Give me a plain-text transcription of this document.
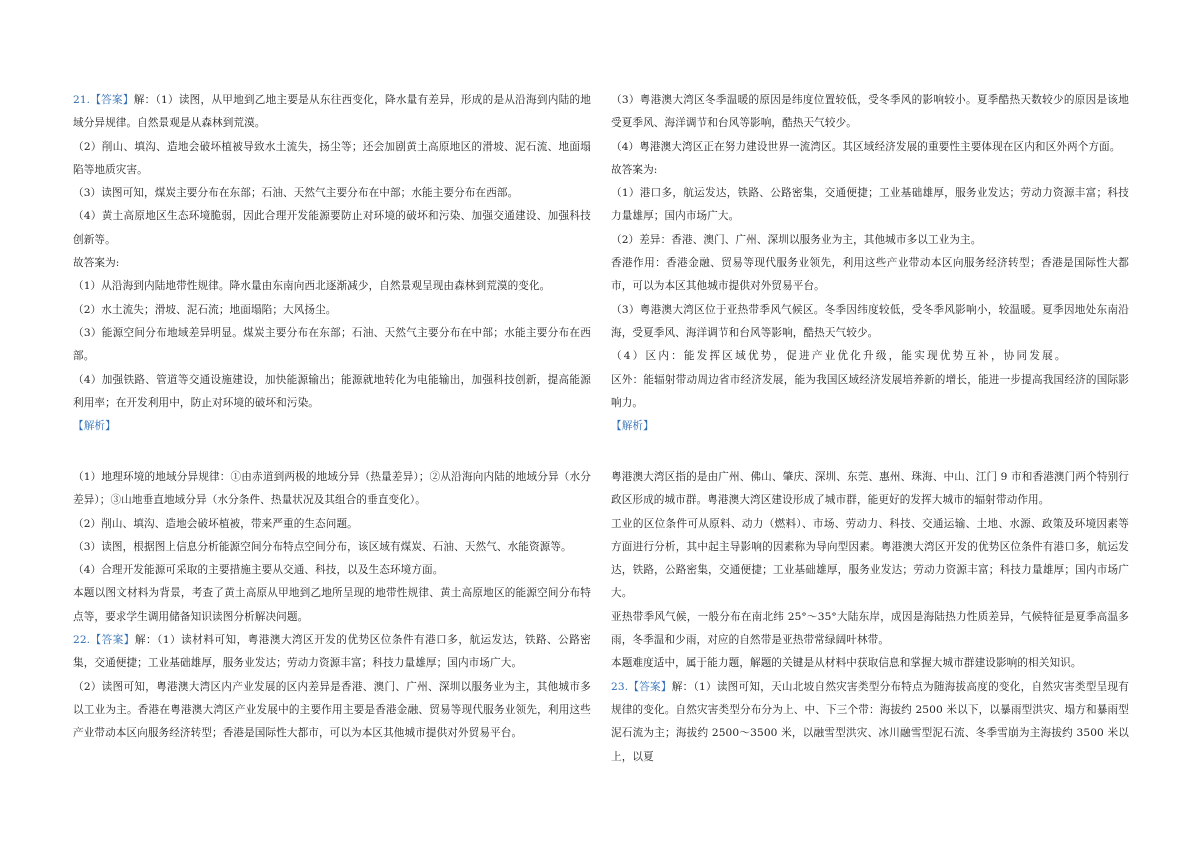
21.【答案】解：（1）读图，从甲地到乙地主要是从东往西变化，降水量有差异，形成的是从沿海到内陆的地域分异规律。自然景观是从森林到荒漠。

（2）削山、填沟、造地会破坏植被导致水土流失，扬尘等；还会加剧黄土高原地区的滑坡、泥石流、地面塌陷等地质灾害。

（3）读图可知，煤炭主要分布在东部；石油、天然气主要分布在中部；水能主要分布在西部。

（4）黄土高原地区生态环境脆弱，因此合理开发能源要防止对环境的破坏和污染、加强交通建设、加强科技创新等。

故答案为:

（1）从沿海到内陆地带性规律。降水量由东南向西北逐渐减少，自然景观呈现由森林到荒漠的变化。

（2）水土流失；滑坡、泥石流；地面塌陷；大风扬尘。

（3）能源空间分布地域差异明显。煤炭主要分布在东部；石油、天然气主要分布在中部；水能主要分布在西部。

（4）加强铁路、管道等交通设施建设，加快能源输出；能源就地转化为电能输出，加强科技创新，提高能源利用率；在开发利用中，防止对环境的破坏和污染。

【解析】

（1）地理环境的地域分异规律：①由赤道到两极的地域分异（热量差异）；②从沿海向内陆的地域分异（水分差异）；③山地垂直地域分异（水分条件、热量状况及其组合的垂直变化）。

（2）削山、填沟、造地会破坏植被，带来严重的生态问题。

（3）读图，根据图上信息分析能源空间分布特点空间分布，该区域有煤炭、石油、天然气、水能资源等。

（4）合理开发能源可采取的主要措施主要从交通、科技，以及生态环境方面。

本题以图文材料为背景，考查了黄土高原从甲地到乙地所呈现的地带性规律、黄土高原地区的能源空间分布特点等，要求学生调用储备知识读图分析解决问题。

22.【答案】解：（1）读材料可知，粤港澳大湾区开发的优势区位条件有港口多，航运发达，铁路、公路密集，交通便捷；工业基础雄厚，服务业发达；劳动力资源丰富；科技力量雄厚；国内市场广大。

（2）读图可知，粤港澳大湾区内产业发展的区内差异是香港、澳门、广州、深圳以服务业为主，其他城市多以工业为主。香港在粤港澳大湾区产业发展中的主要作用主要是香港金融、贸易等现代服务业领先，利用这些产业带动本区向服务经济转型；香港是国际性大都市，可以为本区其他城市提供对外贸易平台。

（3）粤港澳大湾区冬季温暖的原因是纬度位置较低，受冬季风的影响较小。夏季酷热天数较少的原因是该地受夏季风、海洋调节和台风等影响，酷热天气较少。

（4）粤港澳大湾区正在努力建设世界一流湾区。其区域经济发展的重要性主要体现在区内和区外两个方面。

故答案为:

（1）港口多，航运发达，铁路、公路密集，交通便捷；工业基础雄厚，服务业发达；劳动力资源丰富；科技力量雄厚；国内市场广大。

（2）差异：香港、澳门、广州、深圳以服务业为主，其他城市多以工业为主。

香港作用：香港金融、贸易等现代服务业领先，利用这些产业带动本区向服务经济转型；香港是国际性大都市，可以为本区其他城市提供对外贸易平台。

（3）粤港澳大湾区位于亚热带季风气候区。冬季因纬度较低，受冬季风影响小，较温暖。夏季因地处东南沿海，受夏季风、海洋调节和台风等影响，酷热天气较少。

（4）区内：能发挥区域优势，促进产业优化升级，能实现优势互补，协同发展。

区外：能辐射带动周边省市经济发展，能为我国区域经济发展培养新的增长，能进一步提高我国经济的国际影响力。

【解析】

粤港澳大湾区指的是由广州、佛山、肇庆、深圳、东莞、惠州、珠海、中山、江门 9 市和香港澳门两个特别行政区形成的城市群。粤港澳大湾区建设形成了城市群，能更好的发挥大城市的辐射带动作用。

工业的区位条件可从原料、动力（燃料）、市场、劳动力、科技、交通运输、土地、水源、政策及环境因素等方面进行分析，其中起主导影响的因素称为导向型因素。粤港澳大湾区开发的优势区位条件有港口多，航运发达，铁路，公路密集，交通便捷；工业基础雄厚，服务业发达；劳动力资源丰富；科技力量雄厚；国内市场广大。

亚热带季风气候，一般分布在南北纬 25°～35°大陆东岸，成因是海陆热力性质差异，气候特征是夏季高温多雨，冬季温和少雨，对应的自然带是亚热带常绿阔叶林带。

本题难度适中，属于能力题，解题的关键是从材料中获取信息和掌握大城市群建设影响的相关知识。

23.【答案】解：（1）读图可知，天山北坡自然灾害类型分布特点为随海拔高度的变化，自然灾害类型呈现有规律的变化。自然灾害类型分布分为上、中、下三个带：海拔约 2500 米以下，以暴雨型洪灾、塌方和暴雨型泥石流为主；海拔约 2500～3500 米，以融雪型洪灾、冰川融雪型泥石流、冬季雪崩为主海拔约 3500 米以上，以夏
